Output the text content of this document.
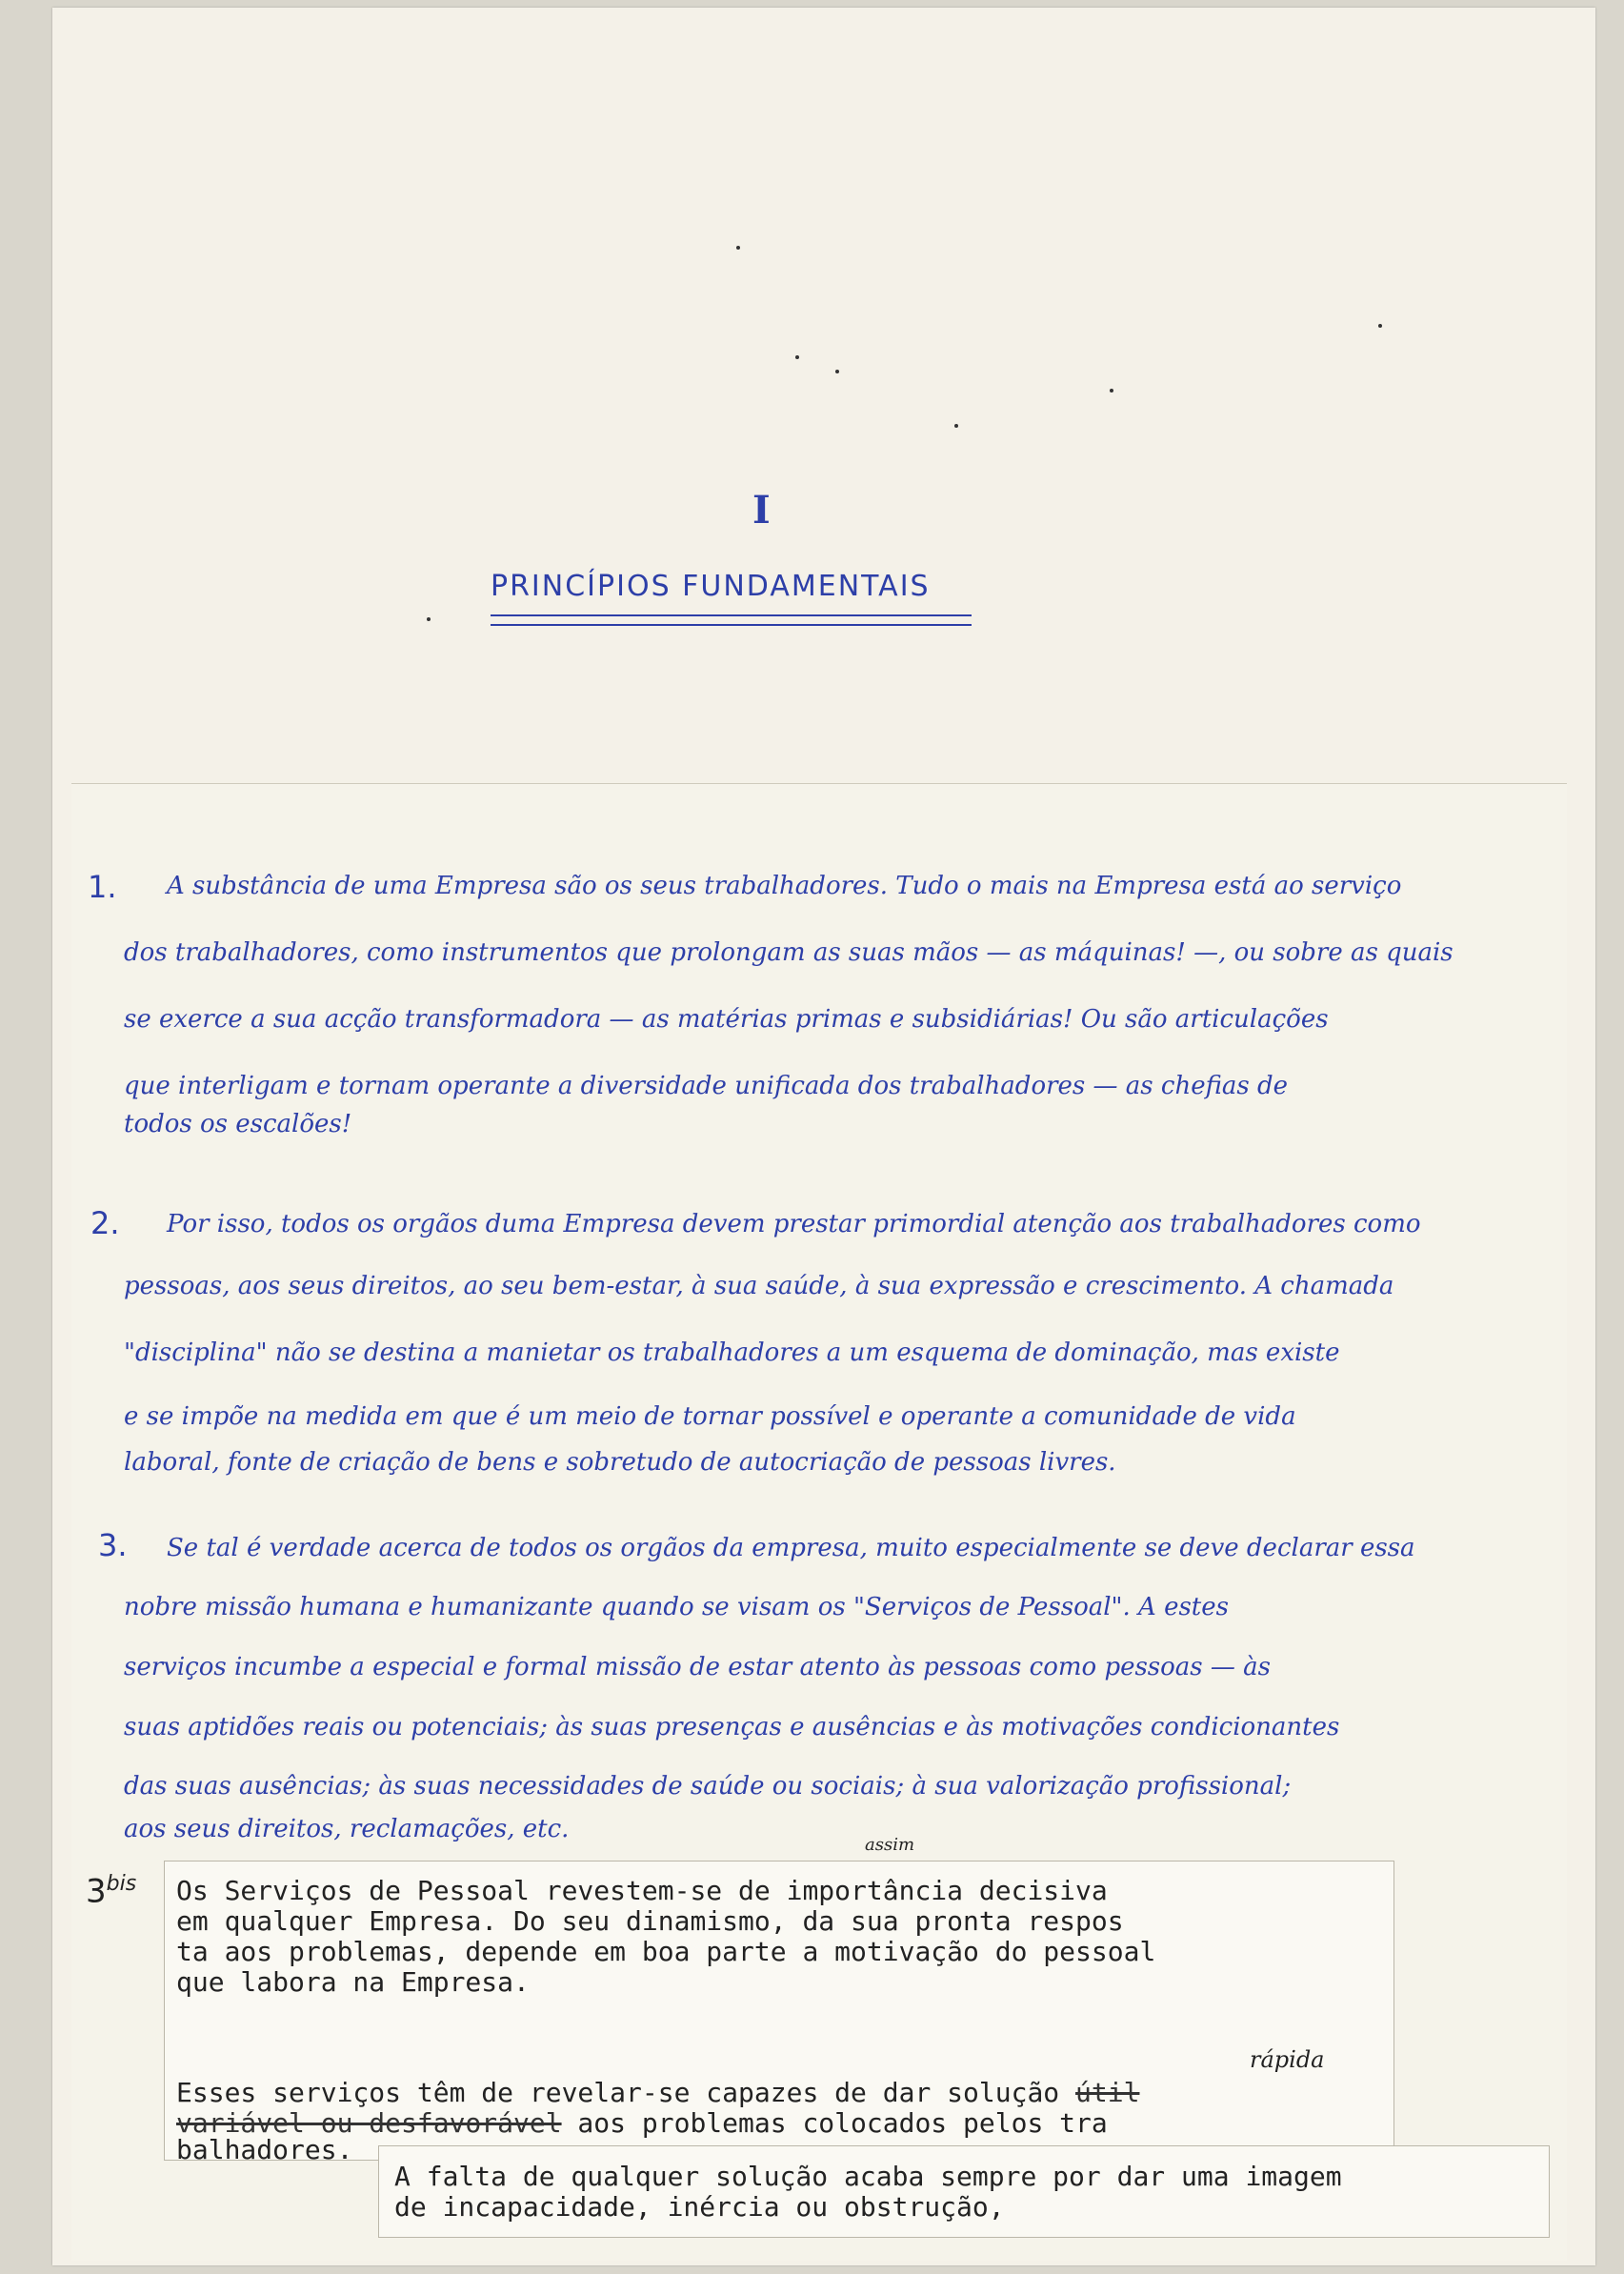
I
PRINCÍPIOS FUNDAMENTAIS
1. A substância de uma Empresa são os seus trabalhadores. Tudo o mais na Empresa está ao serviço
dos trabalhadores, como instrumentos que prolongam as suas mãos — as máquinas! —, ou sobre as quais
se exerce a sua acção transformadora — as matérias primas e subsidiárias! Ou são articulações
que interligam e tornam operante a diversidade unificada dos trabalhadores — as chefias de
todos os escalões!
2. Por isso, todos os orgãos duma Empresa devem prestar primordial atenção aos trabalhadores como
pessoas, aos seus direitos, ao seu bem-estar, à sua saúde, à sua expressão e crescimento. A chamada
"disciplina" não se destina a manietar os trabalhadores a um esquema de dominação, mas existe
e se impõe na medida em que é um meio de tornar possível e operante a comunidade de vida
laboral, fonte de criação de bens e sobretudo de autocriação de pessoas livres.
3. Se tal é verdade acerca de todos os orgãos da empresa, muito especialmente se deve declarar essa
nobre missão humana e humanizante quando se visam os "Serviços de Pessoal". A estes
serviços incumbe a especial e formal missão de estar atento às pessoas como pessoas — às
suas aptidões reais ou potenciais; às suas presenças e ausências e às motivações condicionantes
das suas ausências; às suas necessidades de saúde ou sociais; à sua valorização profissional;
aos seus direitos, reclamações, etc.
$3^{bis}$
assim
Os Serviços de Pessoal revestem-se de importância decisiva
em qualquer Empresa. Do seu dinamismo, da sua pronta respos
ta aos problemas, depende em boa parte a motivação do pessoal
que labora na Empresa.
rápida
Esses serviços têm de revelar-se capazes de dar solução útil
variável ou desfavorável aos problemas colocados pelos tra
balhadores.
A falta de qualquer solução acaba sempre por dar uma imagem
de incapacidade, inércia ou obstrução,
